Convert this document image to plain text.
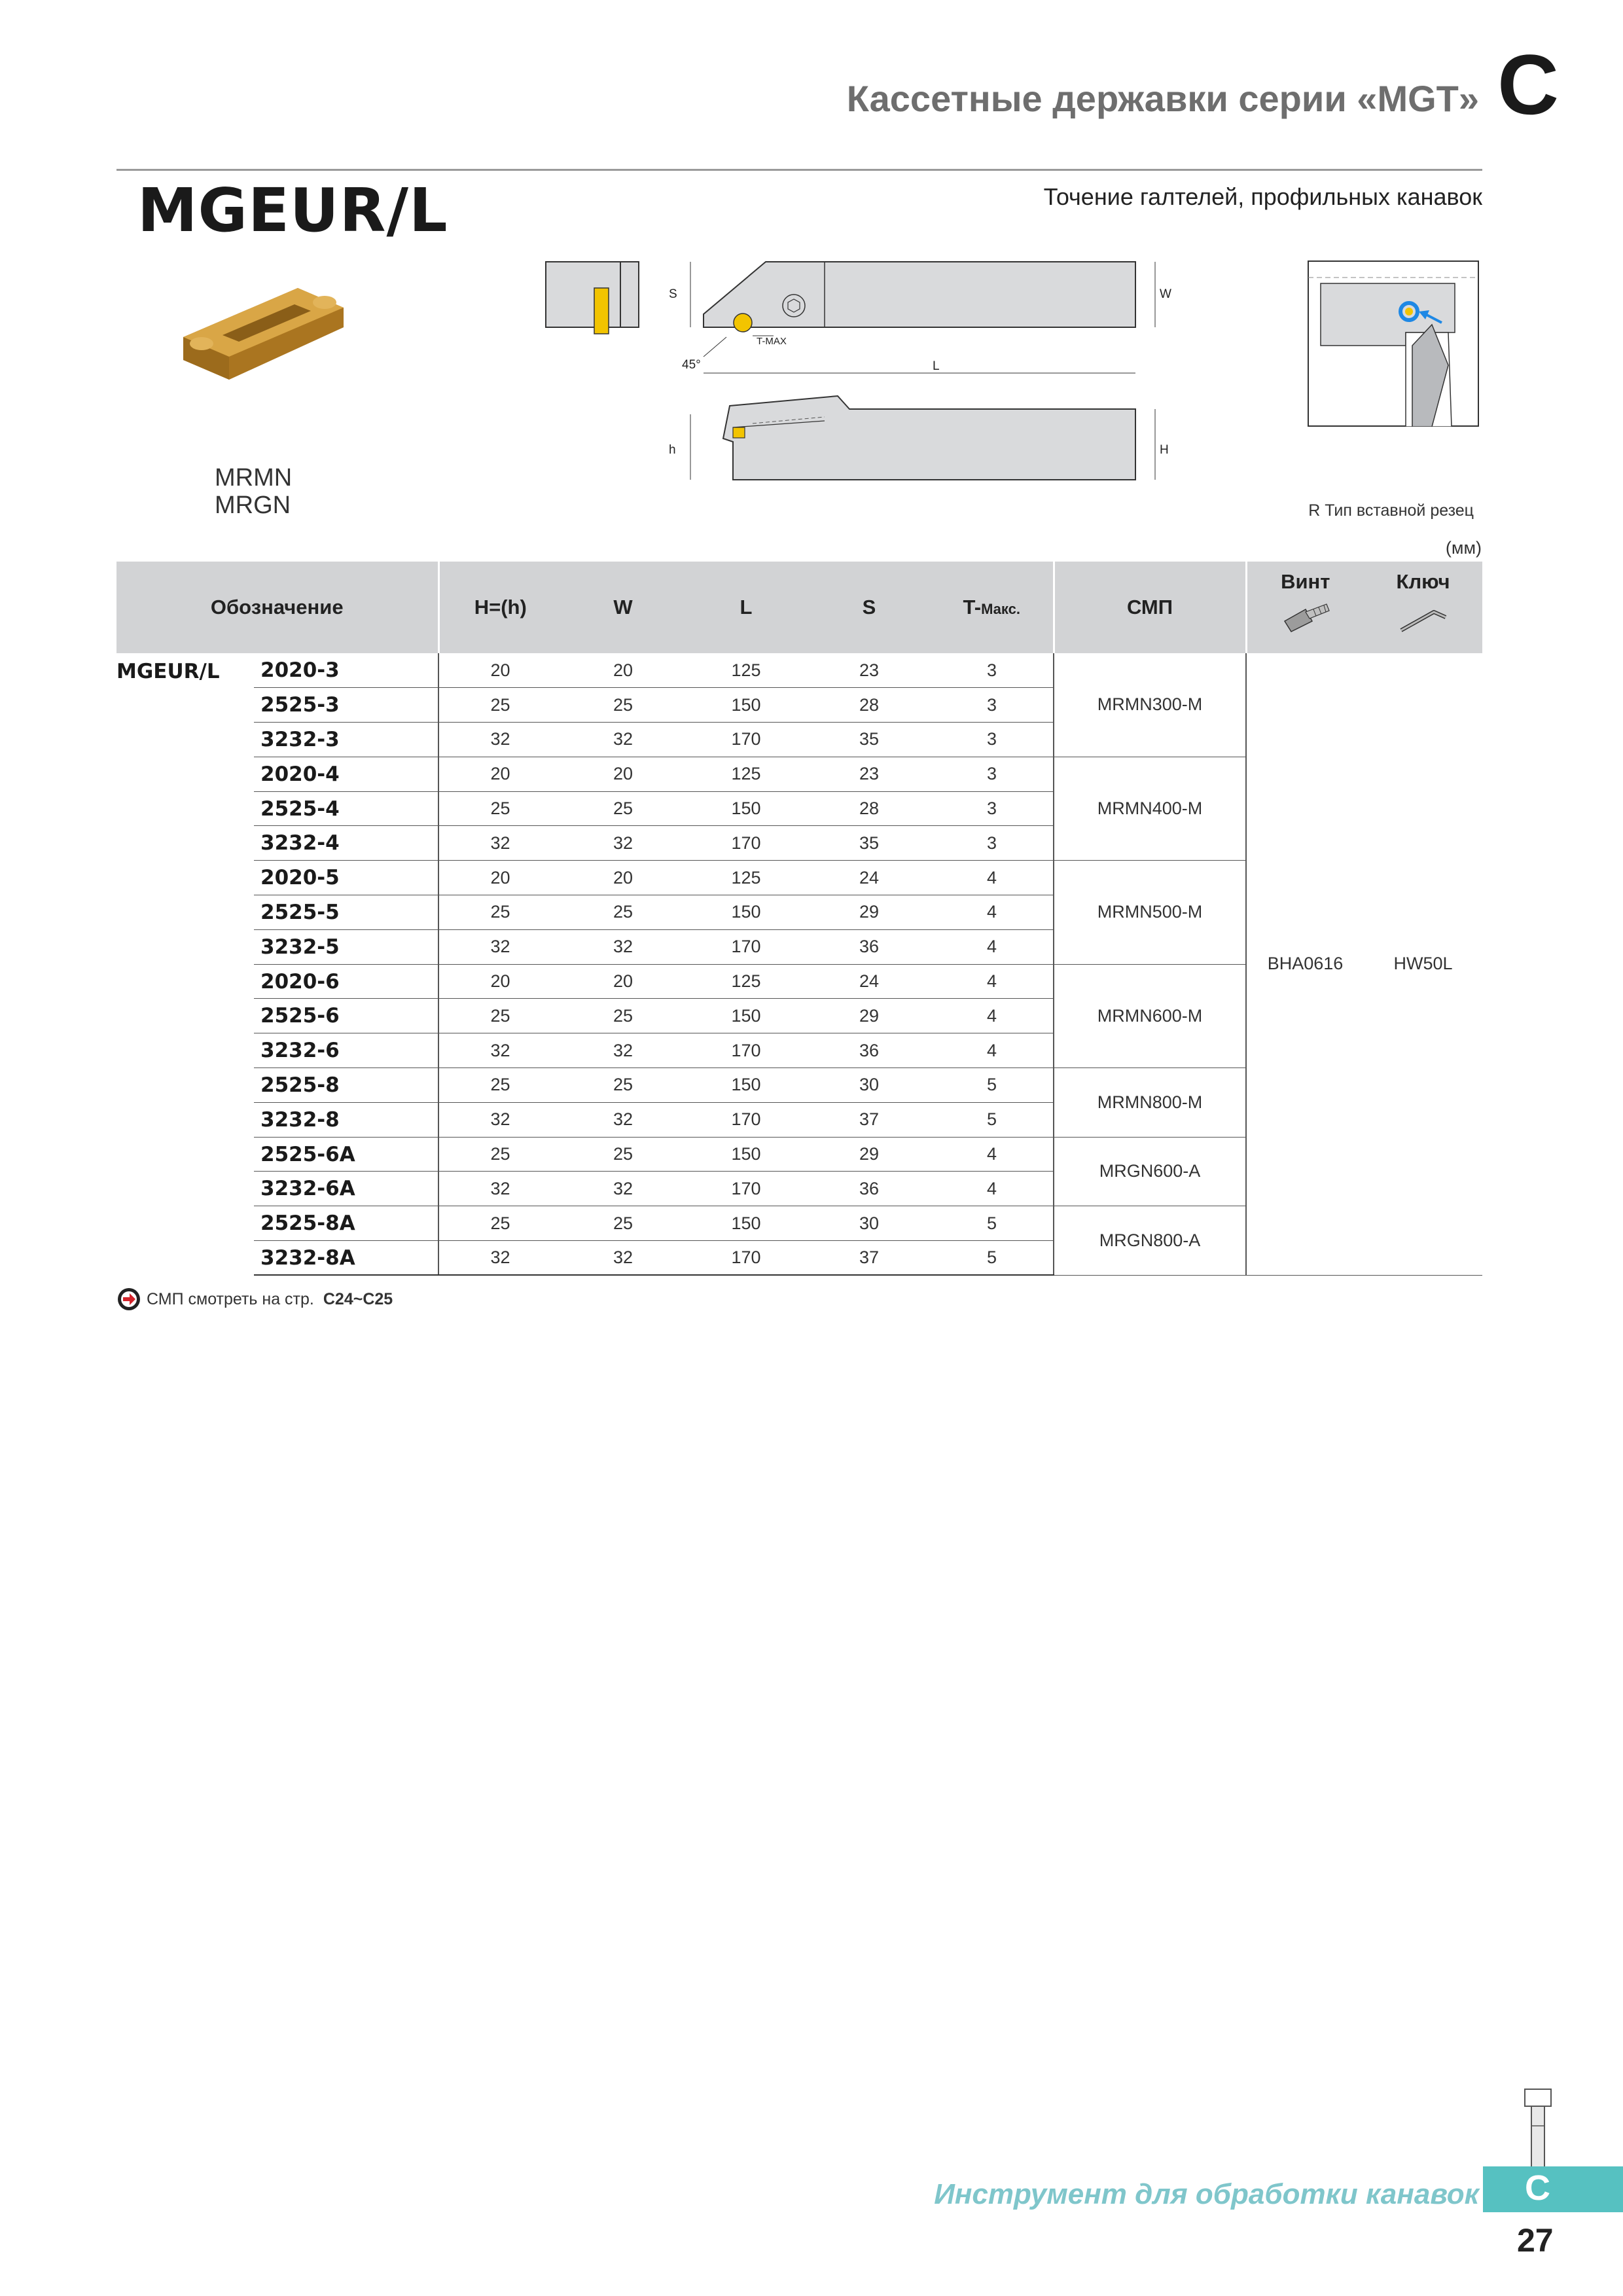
Кассетные державки серии «MGT» C
MGEUR/L	Точение галтелей, профильных канавок
MRMN
MRGN
S	W
T-MAX
45°	L
h	H
R Тип вставной резец
(мм)
Обозначение		H=(h)	W	L	S	T-Макс.	СМП	Винт	Ключ

MGEUR/L	2020-3	20	20	125	23	3	MRMN300-M	BHA0616	HW50L
	2525-3	25	25	150	28	3			
	3232-3	32	32	170	35	3			
	2020-4	20	20	125	23	3	MRMN400-M		
	2525-4	25	25	150	28	3			
	3232-4	32	32	170	35	3			
	2020-5	20	20	125	24	4	MRMN500-M		
	2525-5	25	25	150	29	4			
	3232-5	32	32	170	36	4			
	2020-6	20	20	125	24	4	MRMN600-M		
	2525-6	25	25	150	29	4			
	3232-6	32	32	170	36	4			
	2525-8	25	25	150	30	5	MRMN800-M		
	3232-8	32	32	170	37	5			
	2525-6A	25	25	150	29	4	MRGN600-A		
	3232-6A	32	32	170	36	4			
	2525-8A	25	25	150	30	5	MRGN800-A		
	3232-8A	32	32	170	37	5			
СМП смотреть на стр. C24~C25
Инструмент для обработки канавок C
27
